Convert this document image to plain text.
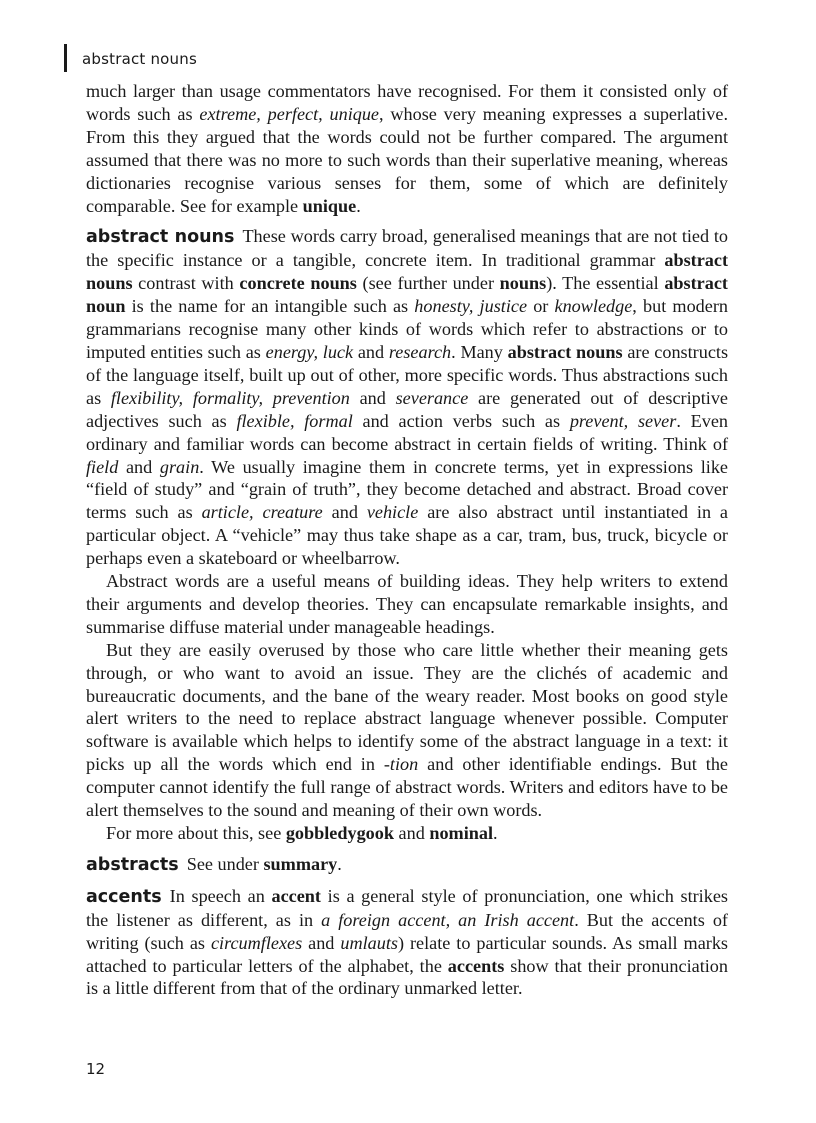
abstract nouns

much larger than usage commentators have recognised. For them it consisted only of words such as extreme, perfect, unique, whose very meaning expresses a superlative. From this they argued that the words could not be further compared. The argument assumed that there was no more to such words than their superlative meaning, whereas dictionaries recognise various senses for them, some of which are definitely comparable. See for example unique.

abstract nouns These words carry broad, generalised meanings that are not tied to the specific instance or a tangible, concrete item. In traditional grammar abstract nouns contrast with concrete nouns (see further under nouns). The essential abstract noun is the name for an intangible such as honesty, justice or knowledge, but modern grammarians recognise many other kinds of words which refer to abstractions or to imputed entities such as energy, luck and research. Many abstract nouns are constructs of the language itself, built up out of other, more specific words. Thus abstractions such as flexibility, formality, prevention and severance are generated out of descriptive adjectives such as flexible, formal and action verbs such as prevent, sever. Even ordinary and familiar words can become abstract in certain fields of writing. Think of field and grain. We usually imagine them in concrete terms, yet in expressions like “field of study” and “grain of truth”, they become detached and abstract. Broad cover terms such as article, creature and vehicle are also abstract until instantiated in a particular object. A “vehicle” may thus take shape as a car, tram, bus, truck, bicycle or perhaps even a skateboard or wheelbarrow.

Abstract words are a useful means of building ideas. They help writers to extend their arguments and develop theories. They can encapsulate remarkable insights, and summarise diffuse material under manageable headings.

But they are easily overused by those who care little whether their meaning gets through, or who want to avoid an issue. They are the clichés of academic and bureaucratic documents, and the bane of the weary reader. Most books on good style alert writers to the need to replace abstract language whenever possible. Computer software is available which helps to identify some of the abstract language in a text: it picks up all the words which end in -tion and other identifiable endings. But the computer cannot identify the full range of abstract words. Writers and editors have to be alert themselves to the sound and meaning of their own words.

For more about this, see gobbledygook and nominal.

abstracts See under summary.

accents In speech an accent is a general style of pronunciation, one which strikes the listener as different, as in a foreign accent, an Irish accent. But the accents of writing (such as circumflexes and umlauts) relate to particular sounds. As small marks attached to particular letters of the alphabet, the accents show that their pronunciation is a little different from that of the ordinary unmarked letter.

12
